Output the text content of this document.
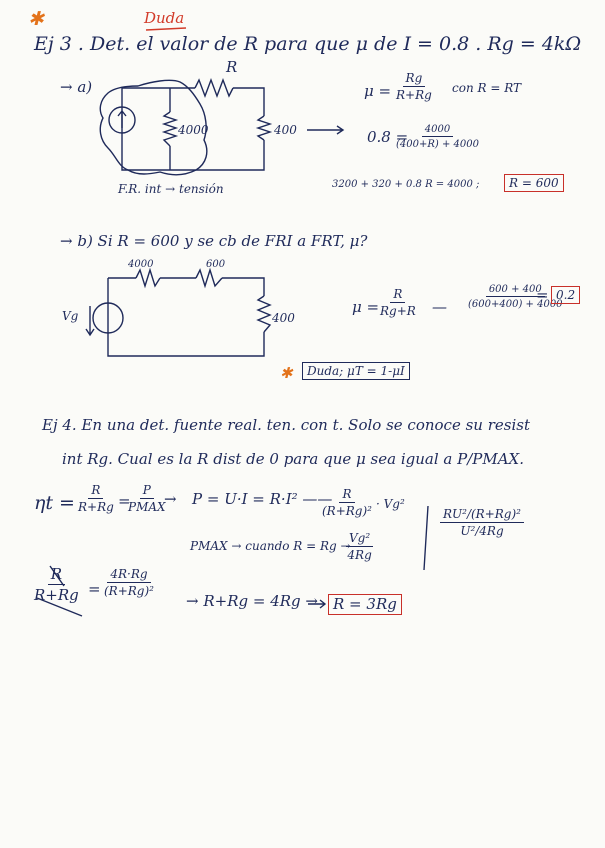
✱	Duda
Ej 3 . Det. el valor de R para que μ de I = 0.8 . Rg = 4kΩ
→ a)
R
4000	400
F.R. int → tensión
$\mu = \frac{Rg}{R+Rg}$ con R = RT
0.8 =
$\frac{4000}{(400+R) + 4000}$
3200 + 320 + 0.8 R = 4000 ;	R = 600
→ b) Si R = 600 y se cb de FRI a FRT, μ?
4000	600
400
Vg	$\mu = \frac{R}{Rg+R}$ — $\frac{600 + 400}{(600+400) + 4000}$
= 0.2
✱	Duda; μT = 1-μI
Ej 4. En una det. fuente real. ten. con t. Solo se conoce su resist
int Rg. Cual es la R dist de 0 para que μ sea igual a P/PMAX.
$\eta t = \frac{R}{R+Rg}$ =
P
PMAX
→ P = U·I = R·I² ——
$\frac{R}{\text{(R+Rg)²}} \cdot Vg^2$
$\frac{\text{RU²/(R+Rg)²}}{\text{U²/4Rg}}$
PMAX → cuando R = Rg →
$\frac{\text{Vg²}}{4Rg}$
$\frac{R}{R+Rg} = \frac{4R\cdot Rg}{\text{(R+Rg)²}}$
→ R+Rg = 4Rg →	R = 3Rg
